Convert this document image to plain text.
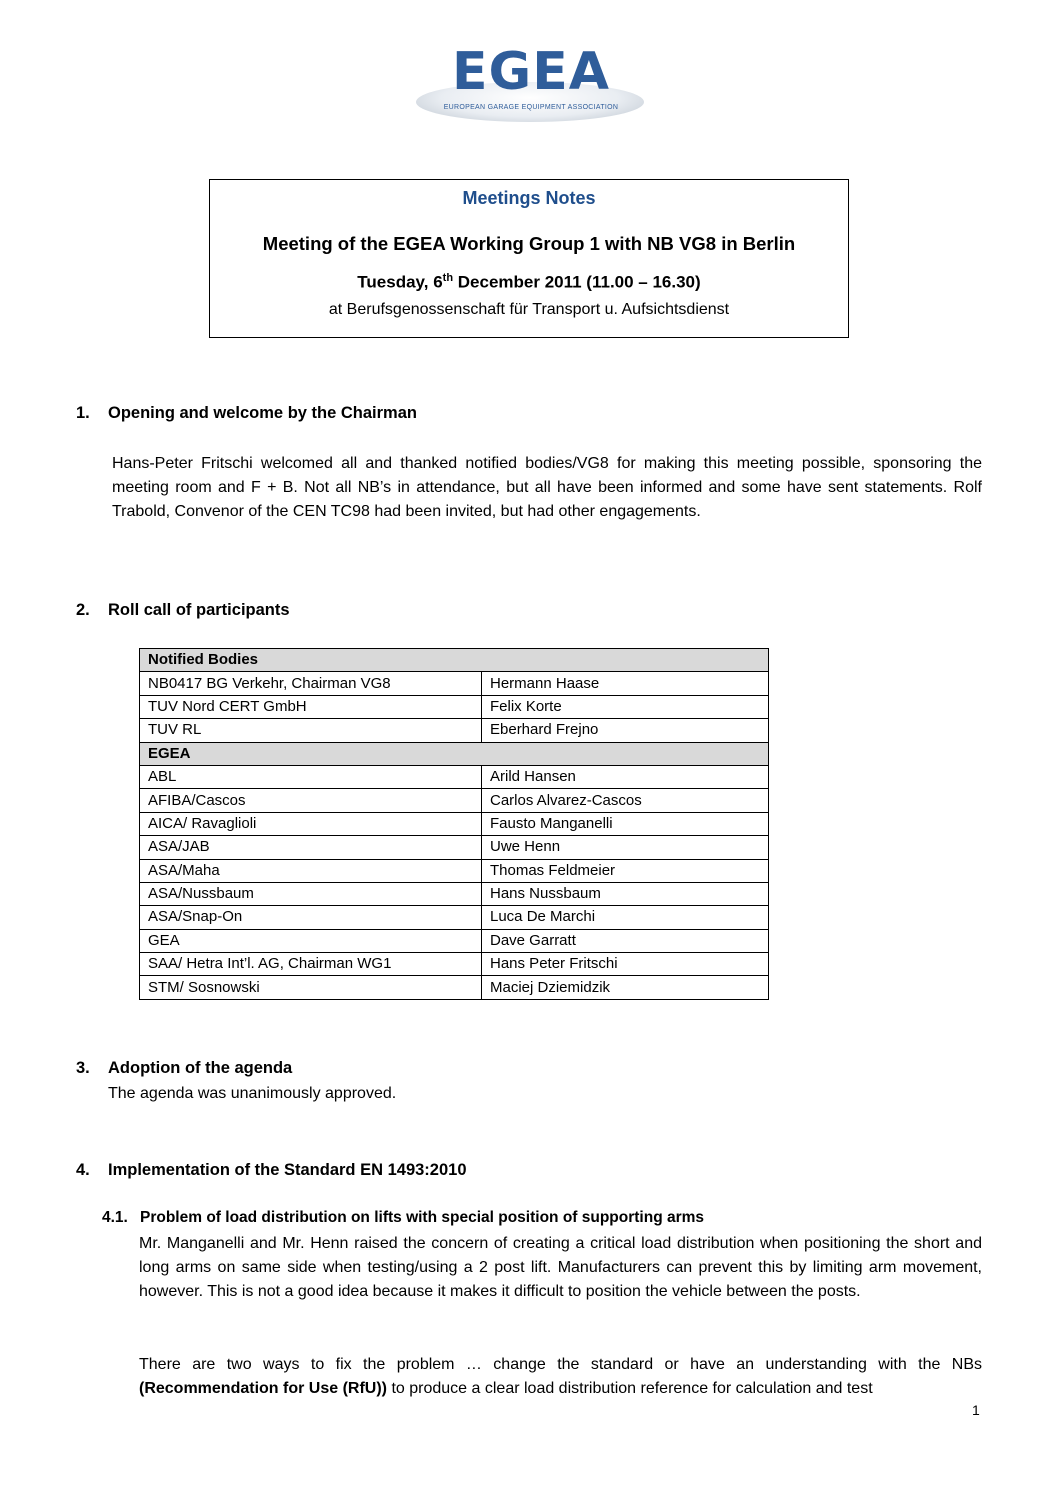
EGEA
EUROPEAN GARAGE EQUIPMENT ASSOCIATION
Meetings Notes
Meeting of the EGEA Working Group 1 with NB VG8 in Berlin
Tuesday, 6th December 2011 (11.00 – 16.30)
at Berufsgenossenschaft für Transport u. Aufsichtsdienst
1. Opening and welcome by the Chairman
Hans-Peter Fritschi welcomed all and thanked notified bodies/VG8 for making this meeting possible, sponsoring the meeting room and F + B. Not all NB’s in attendance, but all have been informed and some have sent statements. Rolf Trabold, Convenor of the CEN TC98 had been invited, but had other engagements.
2. Roll call of participants
Notified Bodies	
NB0417 BG Verkehr, Chairman VG8	Hermann Haase
TUV Nord CERT GmbH	Felix Korte
TUV RL	Eberhard Frejno
EGEA	
ABL	Arild Hansen
AFIBA/Cascos	Carlos Alvarez-Cascos
AICA/ Ravaglioli	Fausto Manganelli
ASA/JAB	Uwe Henn
ASA/Maha	Thomas Feldmeier
ASA/Nussbaum	Hans Nussbaum
ASA/Snap-On	Luca De Marchi
GEA	Dave Garratt
SAA/ Hetra Int’l. AG, Chairman WG1	Hans Peter Fritschi
STM/ Sosnowski	Maciej Dziemidzik
3. Adoption of the agenda
The agenda was unanimously approved.
4. Implementation of the Standard EN 1493:2010
4.1. Problem of load distribution on lifts with special position of supporting arms
Mr. Manganelli and Mr. Henn raised the concern of creating a critical load distribution when positioning the short and long arms on same side when testing/using a 2 post lift. Manufacturers can prevent this by limiting arm movement, however. This is not a good idea because it makes it difficult to position the vehicle between the posts.
There are two ways to fix the problem … change the standard or have an understanding with the NBs (Recommendation for Use (RfU)) to produce a clear load distribution reference for calculation and test
1
